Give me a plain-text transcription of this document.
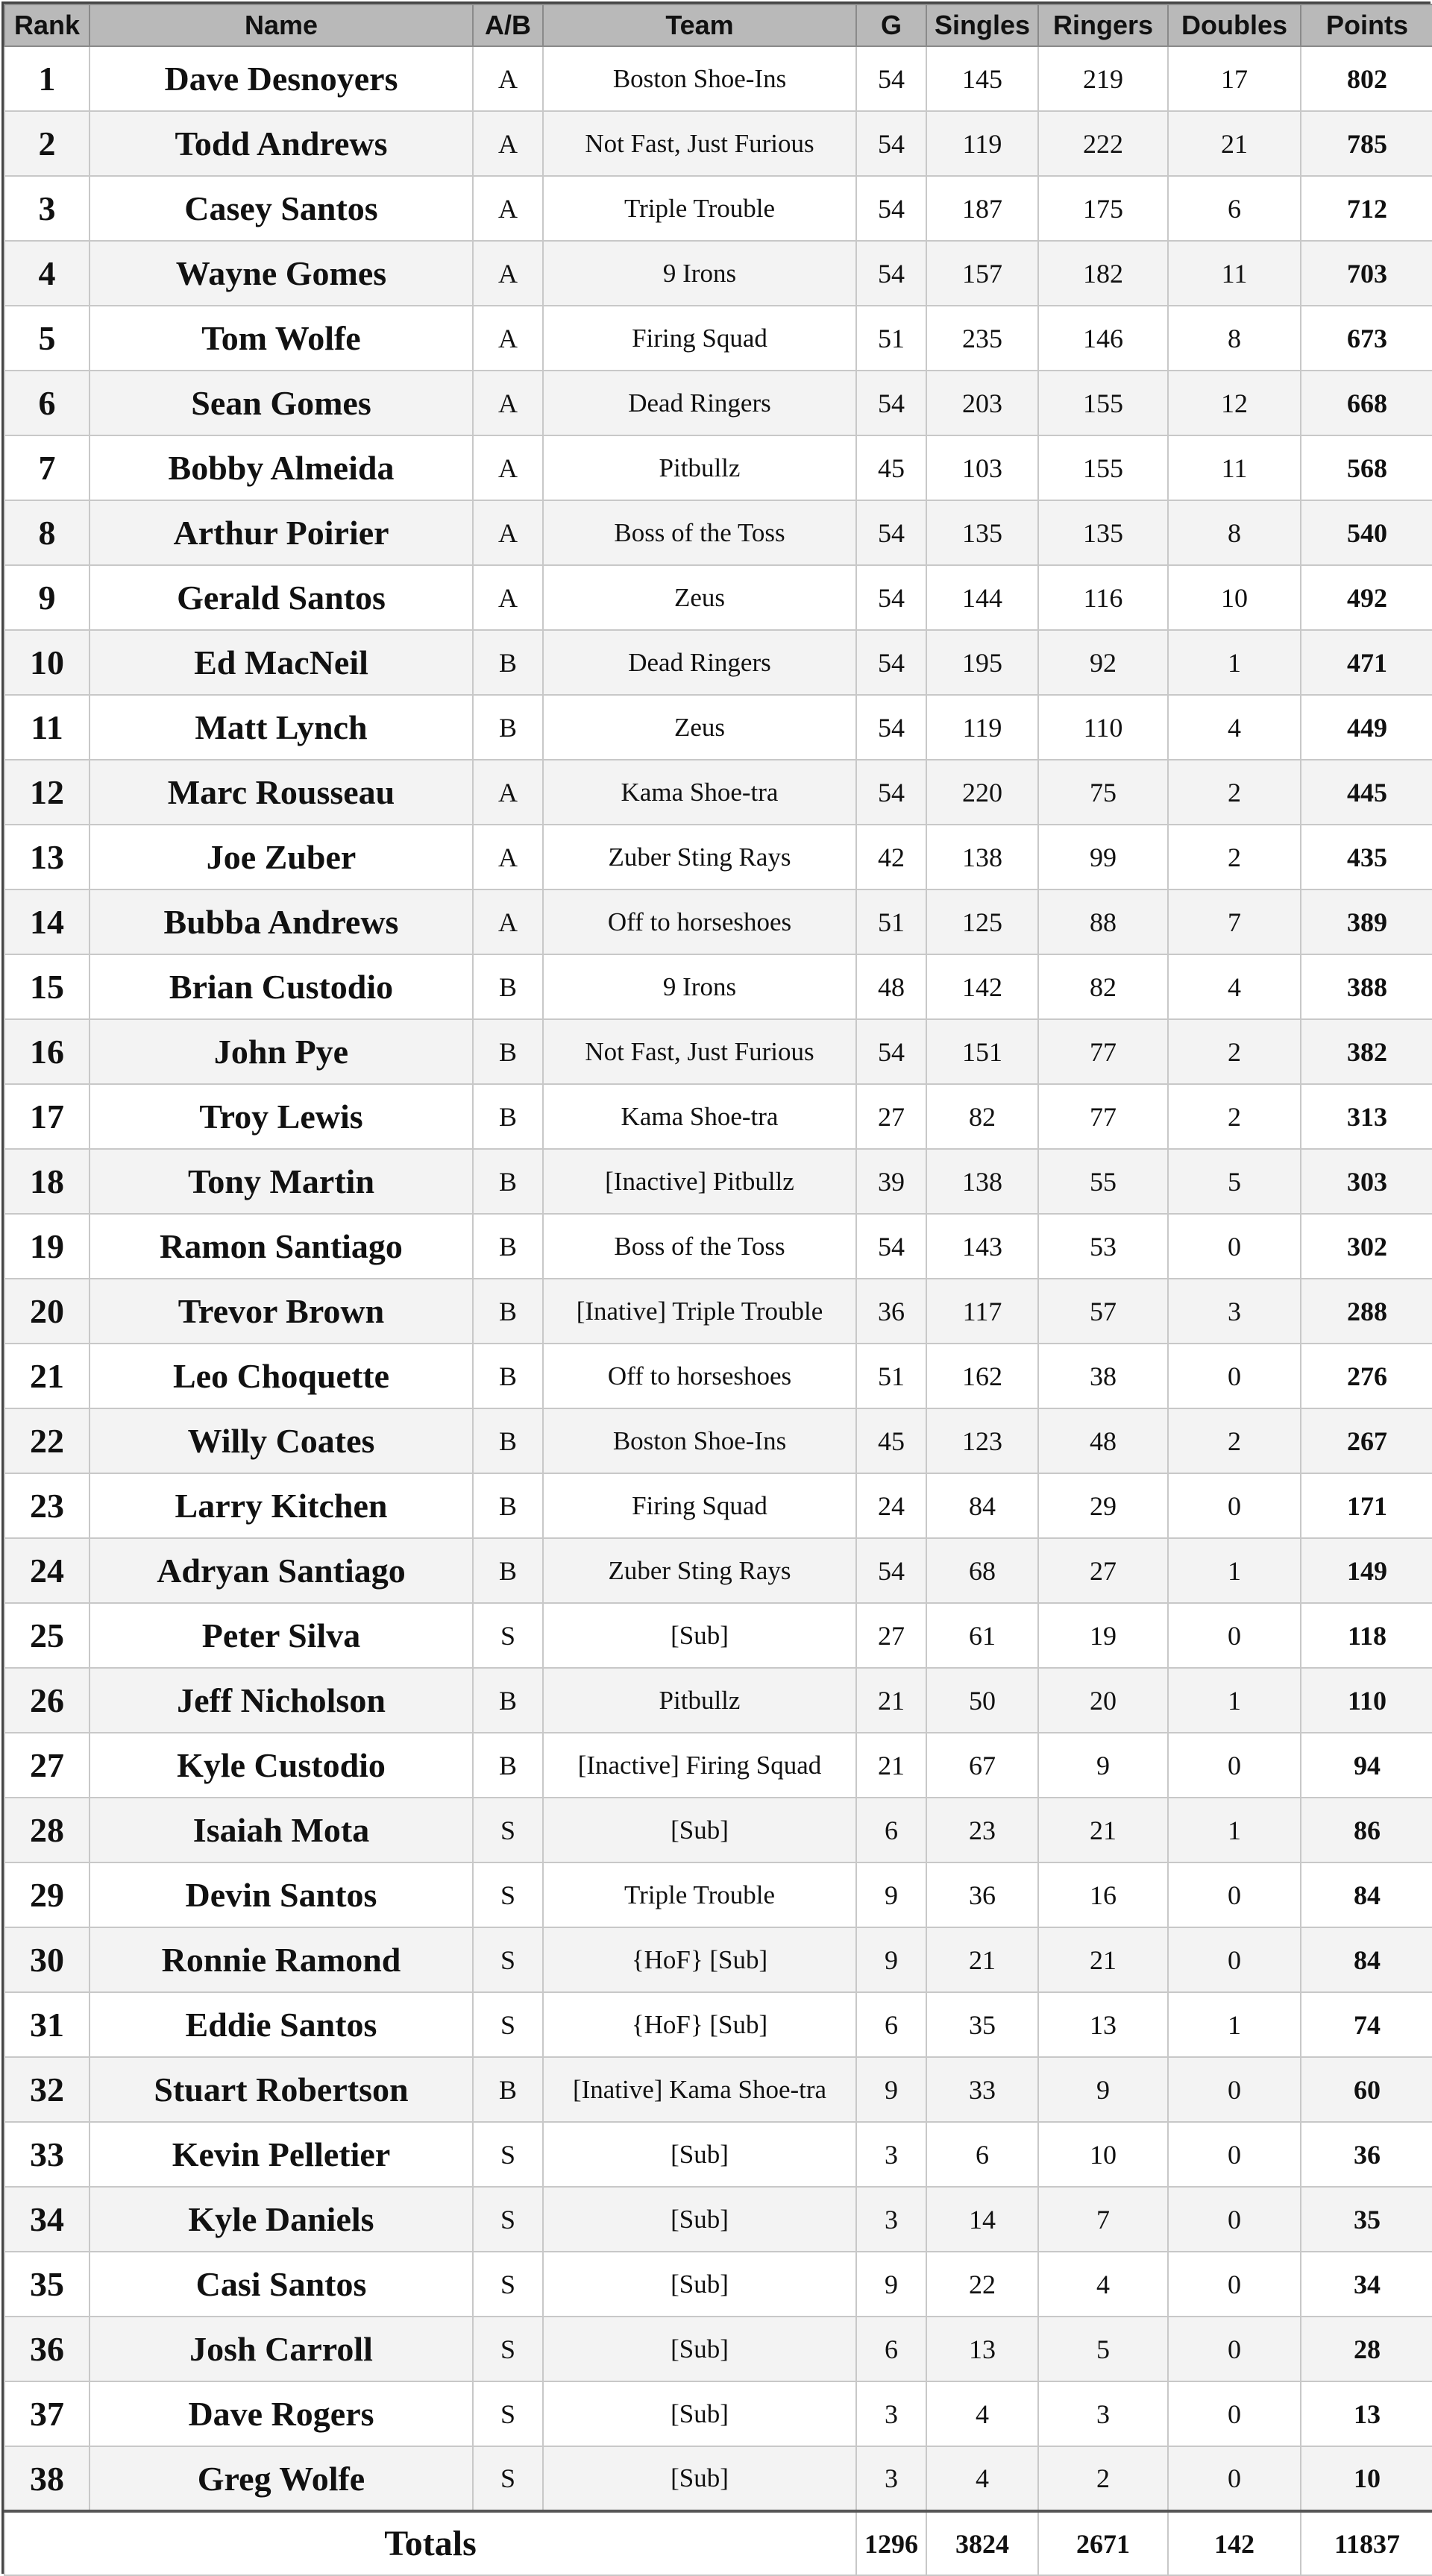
Rank	Name	A/B	Team	G	Singles	Ringers	Doubles	Points
1	Dave Desnoyers	A	Boston Shoe-Ins	54	145	219	17	802
2	Todd Andrews	A	Not Fast, Just Furious	54	119	222	21	785
3	Casey Santos	A	Triple Trouble	54	187	175	6	712
4	Wayne Gomes	A	9 Irons	54	157	182	11	703
5	Tom Wolfe	A	Firing Squad	51	235	146	8	673
6	Sean Gomes	A	Dead Ringers	54	203	155	12	668
7	Bobby Almeida	A	Pitbullz	45	103	155	11	568
8	Arthur Poirier	A	Boss of the Toss	54	135	135	8	540
9	Gerald Santos	A	Zeus	54	144	116	10	492
10	Ed MacNeil	B	Dead Ringers	54	195	92	1	471
11	Matt Lynch	B	Zeus	54	119	110	4	449
12	Marc Rousseau	A	Kama Shoe-tra	54	220	75	2	445
13	Joe Zuber	A	Zuber Sting Rays	42	138	99	2	435
14	Bubba Andrews	A	Off to horseshoes	51	125	88	7	389
15	Brian Custodio	B	9 Irons	48	142	82	4	388
16	John Pye	B	Not Fast, Just Furious	54	151	77	2	382
17	Troy Lewis	B	Kama Shoe-tra	27	82	77	2	313
18	Tony Martin	B	[Inactive] Pitbullz	39	138	55	5	303
19	Ramon Santiago	B	Boss of the Toss	54	143	53	0	302
20	Trevor Brown	B	[Inative] Triple Trouble	36	117	57	3	288
21	Leo Choquette	B	Off to horseshoes	51	162	38	0	276
22	Willy Coates	B	Boston Shoe-Ins	45	123	48	2	267
23	Larry Kitchen	B	Firing Squad	24	84	29	0	171
24	Adryan Santiago	B	Zuber Sting Rays	54	68	27	1	149
25	Peter Silva	S	[Sub]	27	61	19	0	118
26	Jeff Nicholson	B	Pitbullz	21	50	20	1	110
27	Kyle Custodio	B	[Inactive] Firing Squad	21	67	9	0	94
28	Isaiah Mota	S	[Sub]	6	23	21	1	86
29	Devin Santos	S	Triple Trouble	9	36	16	0	84
30	Ronnie Ramond	S	{HoF} [Sub]	9	21	21	0	84
31	Eddie Santos	S	{HoF} [Sub]	6	35	13	1	74
32	Stuart Robertson	B	[Inative] Kama Shoe-tra	9	33	9	0	60
33	Kevin Pelletier	S	[Sub]	3	6	10	0	36
34	Kyle Daniels	S	[Sub]	3	14	7	0	35
35	Casi Santos	S	[Sub]	9	22	4	0	34
36	Josh Carroll	S	[Sub]	6	13	5	0	28
37	Dave Rogers	S	[Sub]	3	4	3	0	13
38	Greg Wolfe	S	[Sub]	3	4	2	0	10
Totals				1296	3824	2671	142	11837
